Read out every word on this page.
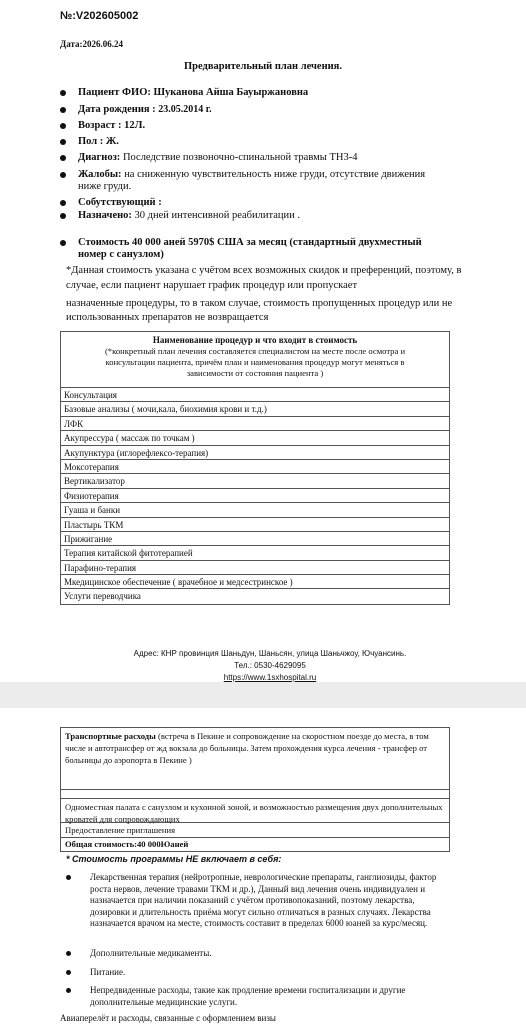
№:V202605002
Дата:2026.06.24
Предварительный план лечения.
Пациент ФИО: Шуканова Айша Бауыржановна
Дата рождения : 23.05.2014 г.
Возраст : 12Л.
Пол : Ж.
Диагноз: Последствие позвоночно-спинальной травмы ТН3-4
Жалобы: на сниженную чувствительность ниже груди, отсутствие движения ниже груди.
Собутствующий :
Назначено: 30 дней интенсивной реабилитации .
Стоимость 40 000 аней 5970$ США за месяц (стандартный двухместный номер с санузлом)
*Данная стоимость указана с учётом всех возможных скидок и преференций, поэтому, в случае, если пациент нарушает график процедур или пропускает
назначенные процедуры, то в таком случае, стоимость пропущенных процедур или не использованных препаратов не возвращается
Наименование процедур и что входит в стоимость
(*конкретный план лечения составляется специалистом на месте после осмотра и консультации пациента, причём план и наименования процедур могут меняться в зависимости от состояния пациента )
Консультация
Базовые анализы ( мочи,кала, биохимия крови и т.д.)
ЛФК
Акупрессура ( массаж по точкам )
Акупунктура (иглорефлексо-терапия)
Моксотерапия
Вертикализатор
Физиотерапия
Гуаша и банки
Пластырь ТКМ
Прижигание
Терапия китайской фитотерапией
Парафино-терапия
Мкедицинское обеспечение ( врачебное и медсестринское )
Услуги переводчика
Адрес: КНР провинция Шаньдун, Шаньсян, улица Шаньчжоу, Ючуансинь.
Тел.: 0530-4629095
https://www.1sxhospital.ru
Транспортные расходы (встреча в Пекине и сопровождение на скоростном поезде до места, в том числе и автотрансфер от жд вокзала до больницы. Затем прохождения курса лечения - трансфер от больницы до аэропорта в Пекине )
Одноместная палата с санузлом и кухонной зоной, и возможностью размещения двух дополнительных кроватей для сопровождающих
Предоставление приглашения
Общая стоимость:40 000Юаней
* Стоимость программы НЕ включает в себя:
Лекарственная терапия (нейротропные, неврологические препараты, ганглиозиды, фактор роста нервов, лечение травами ТКМ и др.), Данный вид лечения очень индивидуален и назначается при наличии показаний с учётом противопоказаний, поэтому лекарства, дозировки и длительность приёма могут сильно отличаться в разных случаях. Лекарства назначается врачом на месте, стоимость составит в пределах 6000 юаней за курс/месяц.
Дополнительные медикаменты.
Питание.
Непредвиденные расходы, такие как продление времени госпитализации и другие дополнительные медицинские услуги.
Авиаперелёт и расходы, связанные с оформлением визы
